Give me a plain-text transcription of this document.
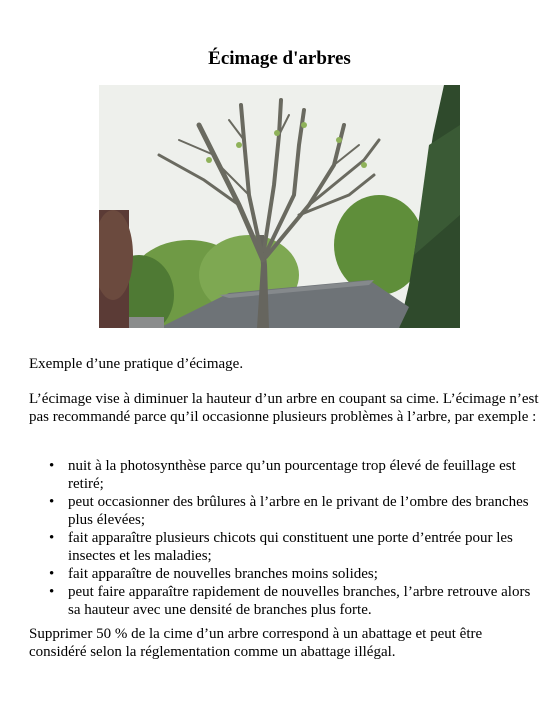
Écimage d'arbres

Exemple d’une pratique d’écimage.

L’écimage vise à diminuer la hauteur d’un arbre en coupant sa cime. L’écimage n’est pas recommandé parce qu’il occasionne plusieurs problèmes à l’arbre, par exemple :

• nuit à la photosynthèse parce qu’un pourcentage trop élevé de feuillage est retiré;
• peut occasionner des brûlures à l’arbre en le privant de l’ombre des branches plus élevées;
• fait apparaître plusieurs chicots qui constituent une porte d’entrée pour les insectes et les maladies;
• fait apparaître de nouvelles branches moins solides;
• peut faire apparaître rapidement de nouvelles branches, l’arbre retrouve alors sa hauteur avec une densité de branches plus forte.

Supprimer 50 % de la cime d’un arbre correspond à un abattage et peut être considéré selon la réglementation comme un abattage illégal.
